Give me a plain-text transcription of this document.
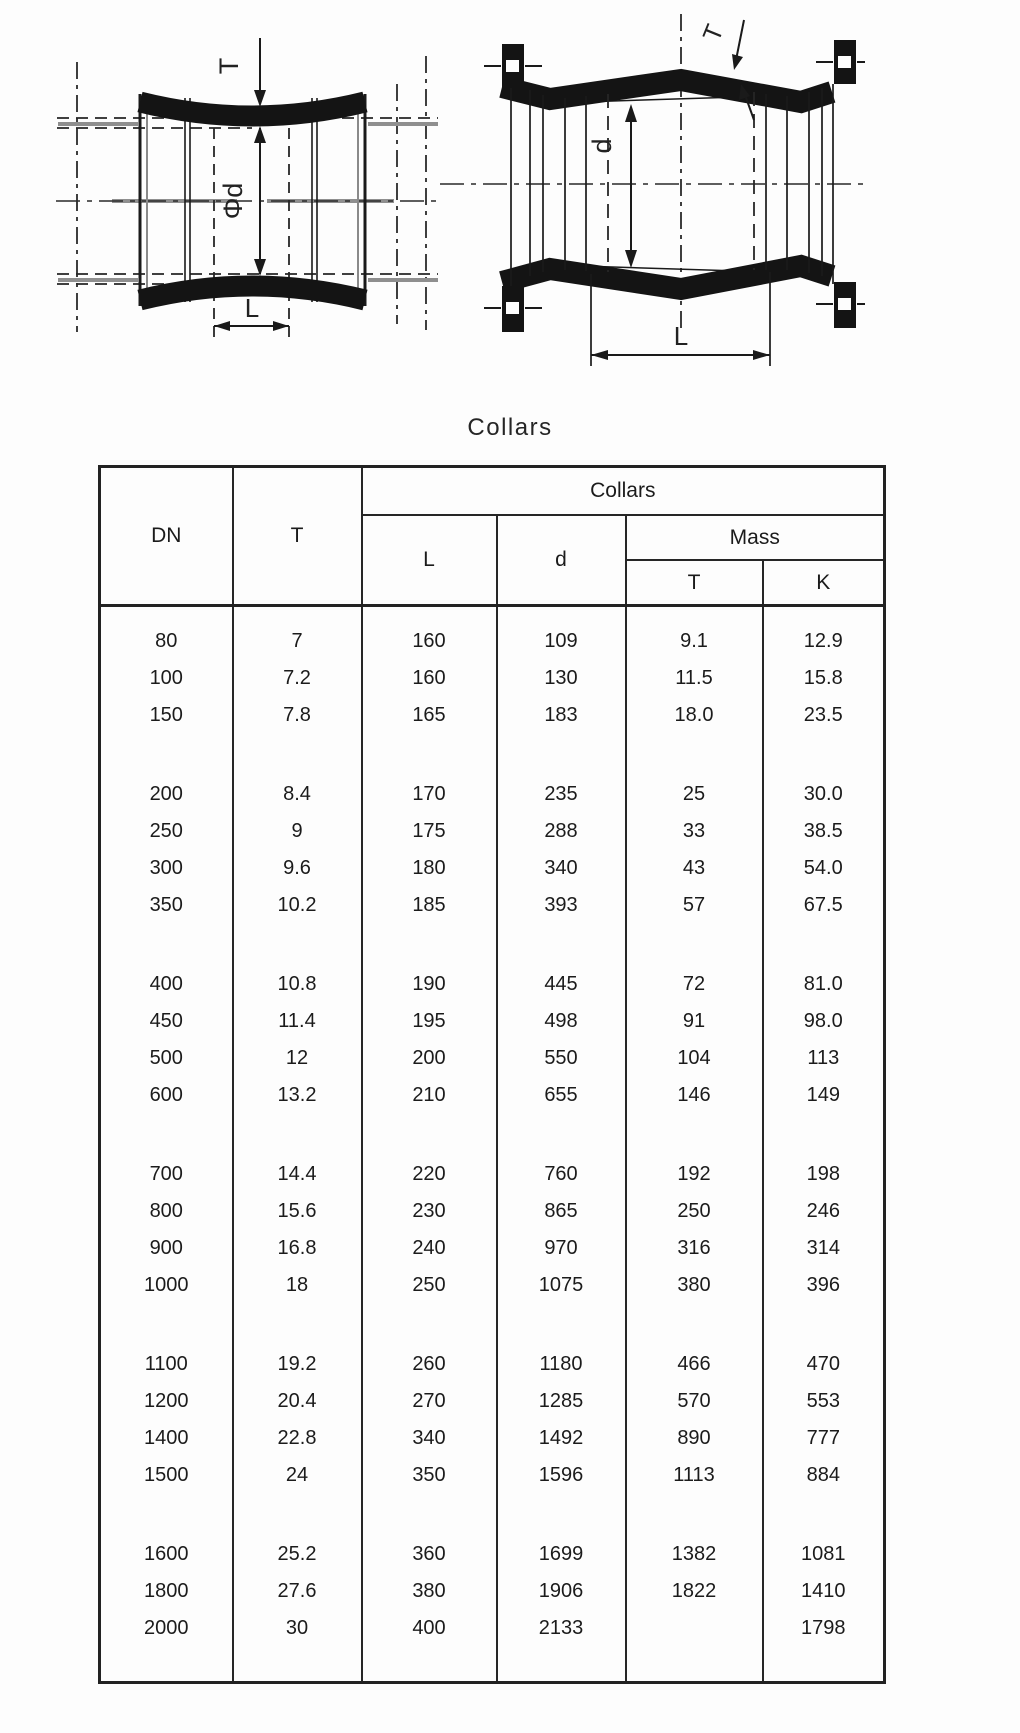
T
Φd
L
T
d
L
Collars
DN	T	Collars			
		L	d	Mass	
				T	K

80	7	160	109	9.1	12.9
100	7.2	160	130	11.5	15.8
150	7.8	165	183	18.0	23.5

200	8.4	170	235	25	30.0
250	9	175	288	33	38.5
300	9.6	180	340	43	54.0
350	10.2	185	393	57	67.5

400	10.8	190	445	72	81.0
450	11.4	195	498	91	98.0
500	12	200	550	104	113
600	13.2	210	655	146	149

700	14.4	220	760	192	198
800	15.6	230	865	250	246
900	16.8	240	970	316	314
1000	18	250	1075	380	396

1100	19.2	260	1180	466	470
1200	20.4	270	1285	570	553
1400	22.8	340	1492	890	777
1500	24	350	1596	1113	884

1600	25.2	360	1699	1382	1081
1800	27.6	380	1906	1822	1410
2000	30	400	2133		1798
